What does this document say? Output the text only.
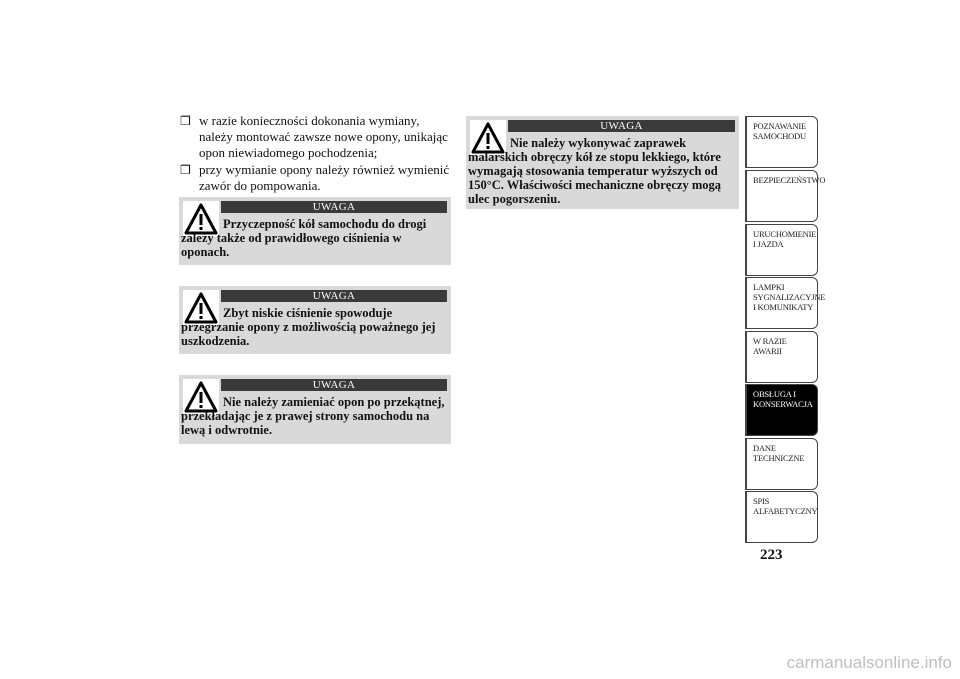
❒ w razie konieczności dokonania wymiany, należy montować zawsze nowe opony, unikając opon niewiadomego pochodzenia;
❒ przy wymianie opony należy również wymienić zawór do pompowania.
UWAGA
Przyczepność kół samochodu do drogi zależy także od prawidłowego ciśnienia w oponach.
UWAGA
Zbyt niskie ciśnienie spowoduje przegrzanie opony z możliwością poważnego jej uszkodzenia.
UWAGA
Nie należy zamieniać opon po przekątnej, przekładając je z prawej strony samochodu na lewą i odwrotnie.
UWAGA
Nie należy wykonywać zaprawek malarskich obręczy kół ze stopu lekkiego, które wymagają stosowania temperatur wyższych od 150°C. Właściwości mechaniczne obręczy mogą ulec pogorszeniu.
POZNAWANIE SAMOCHODU
BEZPIECZEŃSTWO
URUCHOMIENIE I JAZDA
LAMPKI SYGNALIZACYJNE I KOMUNIKATY
W RAZIE AWARII
OBSŁUGA I KONSERWACJA
DANE TECHNICZNE
SPIS ALFABETYCZNY
223
carmanualsonline.info
